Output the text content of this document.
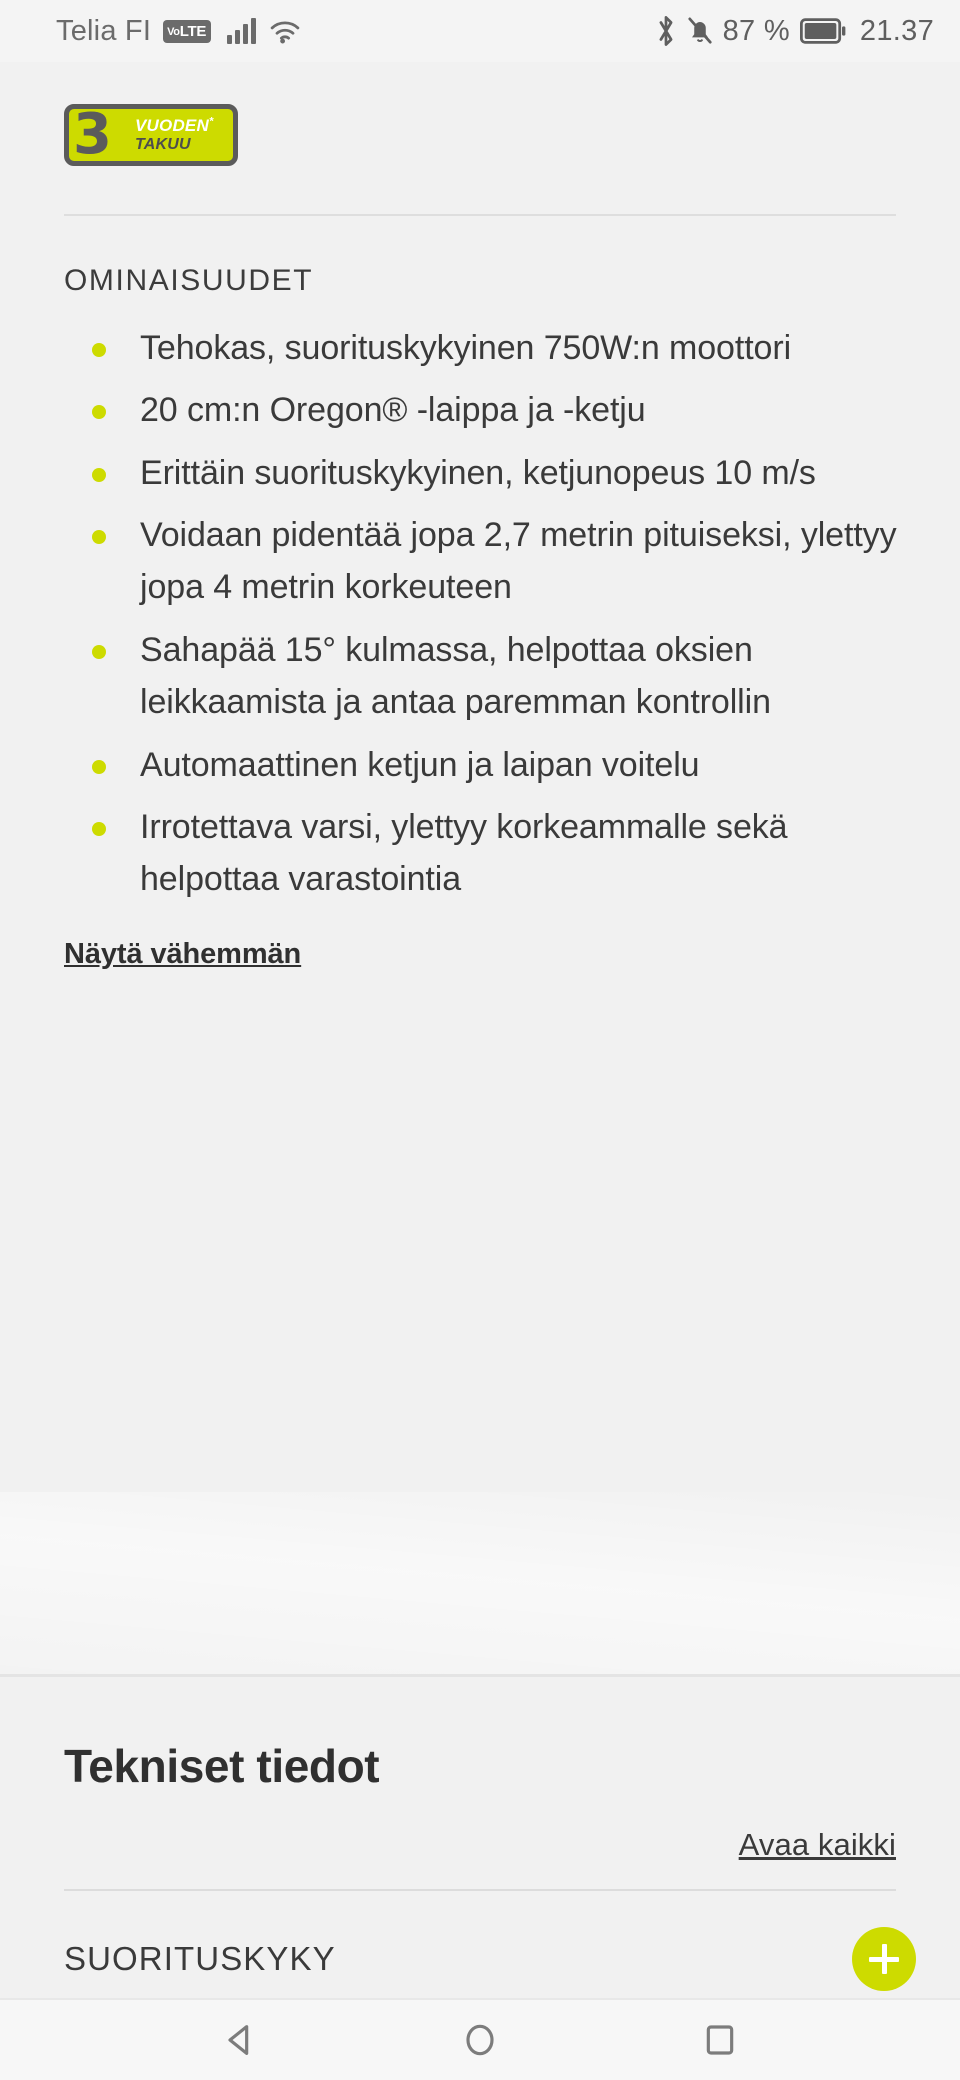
Telia FI	VoLTE	87 % 21.37
3 VUODEN*
TAKUU
OMINAISUUDET
Tehokas, suorituskykyinen 750W:n moottori
20 cm:n Oregon® -laippa ja -ketju
Erittäin suorituskykyinen, ketjunopeus 10 m/s
Voidaan pidentää jopa 2,7 metrin pituiseksi, ylettyy jopa 4 metrin korkeuteen
Sahapää 15° kulmassa, helpottaa oksien leikkaamista ja antaa paremman kontrollin
Automaattinen ketjun ja laipan voitelu
Irrotettava varsi, ylettyy korkeammalle sekä helpottaa varastointia
Näytä vähemmän
Tekniset tiedot
Avaa kaikki
SUORITUSKYKY
